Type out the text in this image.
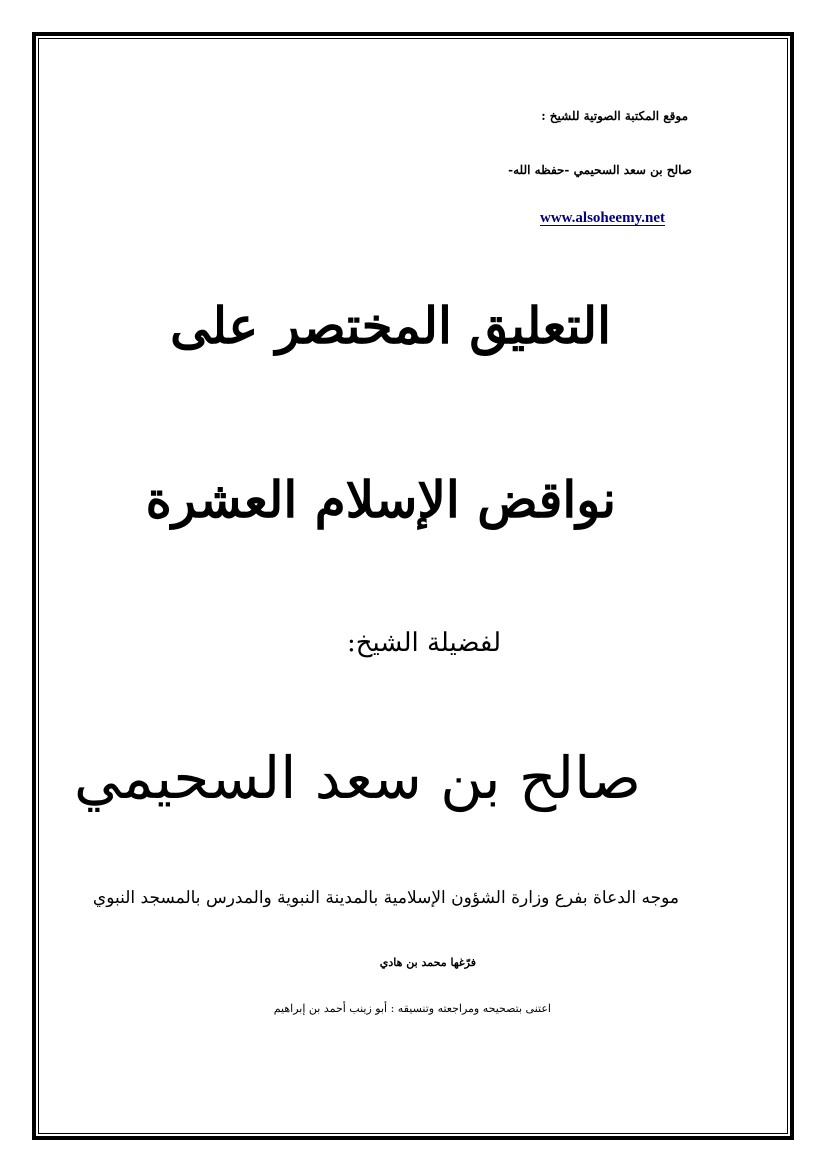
موقع المكتبة الصوتية للشيخ :

صالح بن سعد السحيمي -حفظه الله-

www.alsoheemy.net
التعليق المختصر على
نواقض الإسلام العشرة

لفضيلة الشيخ:

صالح بن سعد السحيمي

موجه الدعاة بفرع وزارة الشؤون الإسلامية بالمدينة النبوية والمدرس بالمسجد النبوي

فرّغها محمد بن هادي

اعتنى بتصحيحه ومراجعته وتنسيقه : أبو زينب أحمد بن إبراهيم
